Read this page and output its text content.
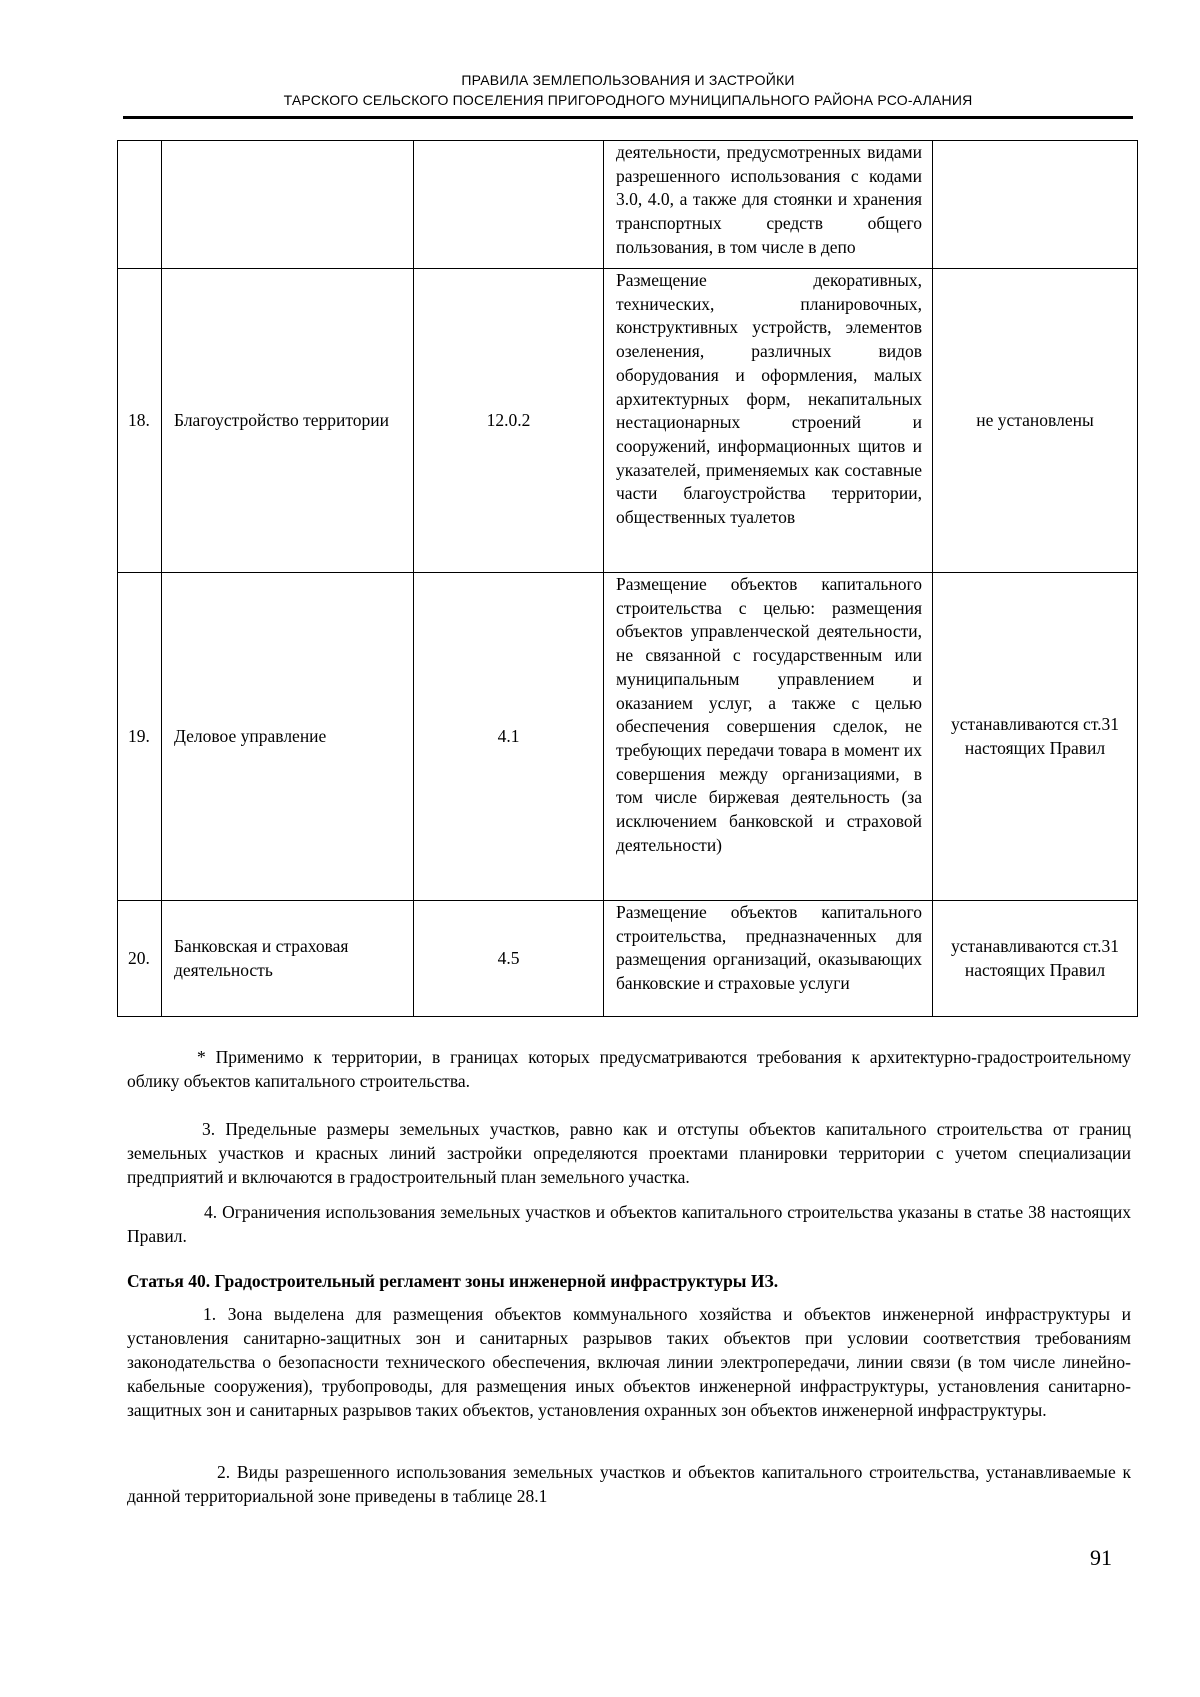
ПРАВИЛА ЗЕМЛЕПОЛЬЗОВАНИЯ И ЗАСТРОЙКИ
ТАРСКОГО СЕЛЬСКОГО ПОСЕЛЕНИЯ ПРИГОРОДНОГО МУНИЦИПАЛЬНОГО РАЙОНА РСО-АЛАНИЯ
			деятельности, предусмотренных видами разрешенного использования с кодами 3.0, 4.0, а также для стоянки и хранения транспортных средств общего пользования, в том числе в депо	
18.	Благоустройство территории	12.0.2	Размещение декоративных, технических, планировочных, конструктивных устройств, элементов озеленения, различных видов оборудования и оформления, малых архитектурных форм, некапитальных нестационарных строений и сооружений, информационных щитов и указателей, применяемых как составные части благоустройства территории, общественных туалетов	не установлены
19.	Деловое управление	4.1	Размещение объектов капитального строительства с целью: размещения объектов управленческой деятельности, не связанной с государственным или муниципальным управлением и оказанием услуг, а также с целью обеспечения совершения сделок, не требующих передачи товара в момент их совершения между организациями, в том числе биржевая деятельность (за исключением банковской и страховой деятельности)	устанавливаются ст.31 настоящих Правил
20.	Банковская и страховая деятельность	4.5	Размещение объектов капитального строительства, предназначенных для размещения организаций, оказывающих банковские и страховые услуги	устанавливаются ст.31 настоящих Правил
* Применимо к территории, в границах которых предусматриваются требования к архитектурно-градостроительному облику объектов капитального строительства.
3. Предельные размеры земельных участков, равно как и отступы объектов капитального строительства от границ земельных участков и красных линий застройки определяются проектами планировки территории с учетом специализации предприятий и включаются в градостроительный план земельного участка.
4. Ограничения использования земельных участков и объектов капитального строительства указаны в статье 38 настоящих Правил.
Статья 40. Градостроительный регламент зоны инженерной инфраструктуры ИЗ.
1. Зона выделена для размещения объектов коммунального хозяйства и объектов инженерной инфраструктуры и установления санитарно-защитных зон и санитарных разрывов таких объектов при условии соответствия требованиям законодательства о безопасности технического обеспечения, включая линии электропередачи, линии связи (в том числе линейно-кабельные сооружения), трубопроводы, для размещения иных объектов инженерной инфраструктуры, установления санитарно-защитных зон и санитарных разрывов таких объектов, установления охранных зон объектов инженерной инфраструктуры.
2. Виды разрешенного использования земельных участков и объектов капитального строительства, устанавливаемые к данной территориальной зоне приведены в таблице 28.1
91
